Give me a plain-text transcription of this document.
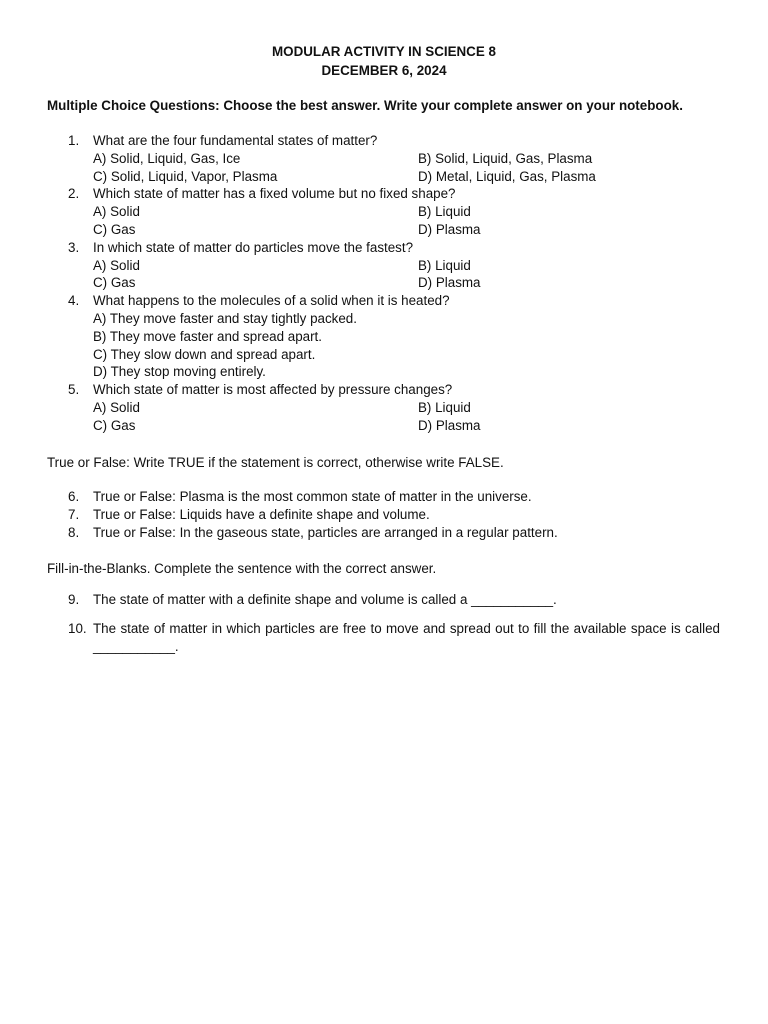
MODULAR ACTIVITY IN SCIENCE 8
DECEMBER 6, 2024
Multiple Choice Questions: Choose the best answer. Write your complete answer on your notebook.
1. What are the four fundamental states of matter?
A) Solid, Liquid, Gas, Ice	B) Solid, Liquid, Gas, Plasma
C) Solid, Liquid, Vapor, Plasma	D) Metal, Liquid, Gas, Plasma
2. Which state of matter has a fixed volume but no fixed shape?
A) Solid	B) Liquid
C) Gas	D) Plasma
3. In which state of matter do particles move the fastest?
A) Solid	B) Liquid
C) Gas	D) Plasma
4. What happens to the molecules of a solid when it is heated?
A) They move faster and stay tightly packed.
B) They move faster and spread apart.
C) They slow down and spread apart.
D) They stop moving entirely.
5. Which state of matter is most affected by pressure changes?
A) Solid	B) Liquid
C) Gas	D) Plasma
True or False: Write TRUE if the statement is correct, otherwise write FALSE.
6. True or False: Plasma is the most common state of matter in the universe.
7. True or False: Liquids have a definite shape and volume.
8. True or False: In the gaseous state, particles are arranged in a regular pattern.
Fill-in-the-Blanks. Complete the sentence with the correct answer.
9. The state of matter with a definite shape and volume is called a ___________.
10. The state of matter in which particles are free to move and spread out to fill the available space is called ___________.
